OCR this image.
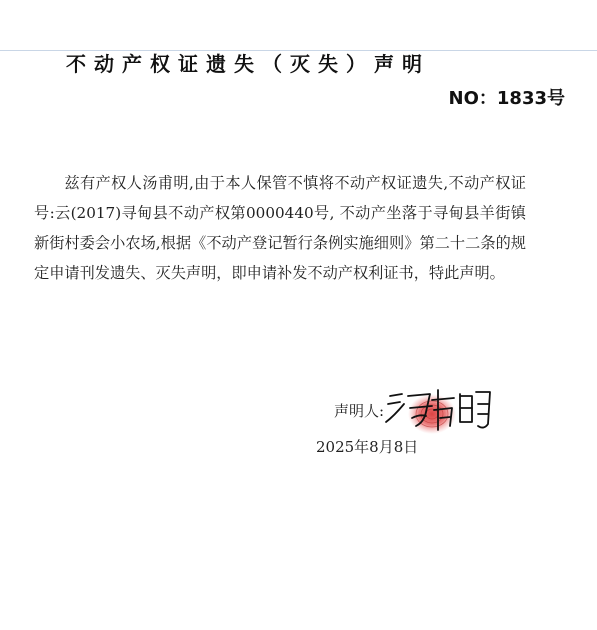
不动产权证遗失（灭失）声明
NO：1833号
兹有产权人汤甫明,由于本人保管不慎将不动产权证遗失,不动产权证号:云(2017)寻甸县不动产权第0000440号, 不动产坐落于寻甸县羊街镇新街村委会小农场,根据《不动产登记暂行条例实施细则》第二十二条的规定申请刊发遗失、灭失声明，即申请补发不动产权利证书，特此声明。
声明人:
2025年8月8日
